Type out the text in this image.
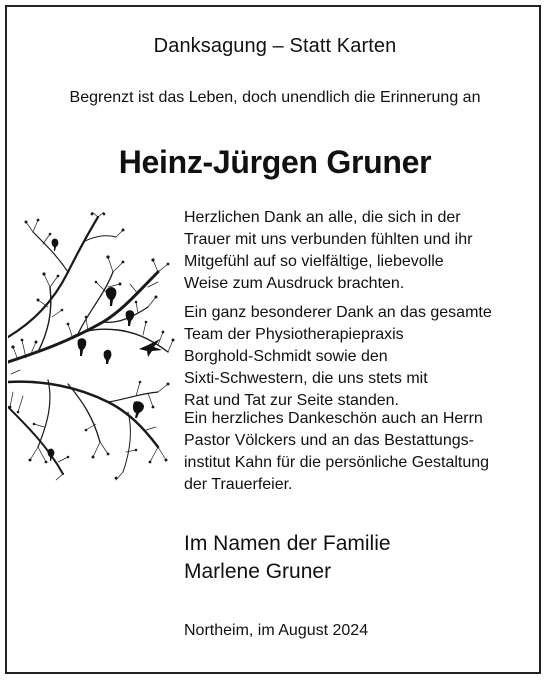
Danksagung – Statt Karten
Begrenzt ist das Leben, doch unendlich die Erinnerung an
Heinz-Jürgen Gruner
Herzlichen Dank an alle, die sich in der
Trauer mit uns verbunden fühlten und ihr
Mitgefühl auf so vielfältige, liebevolle
Weise zum Ausdruck brachten.
Ein ganz besonderer Dank an das gesamte
Team der Physiotherapiepraxis
Borghold-Schmidt sowie den
Sixti-Schwestern, die uns stets mit
Rat und Tat zur Seite standen.
Ein herzliches Dankeschön auch an Herrn
Pastor Völckers und an das Bestattungs-
institut Kahn für die persönliche Gestaltung
der Trauerfeier.
Im Namen der Familie
Marlene Gruner
Northeim, im August 2024
